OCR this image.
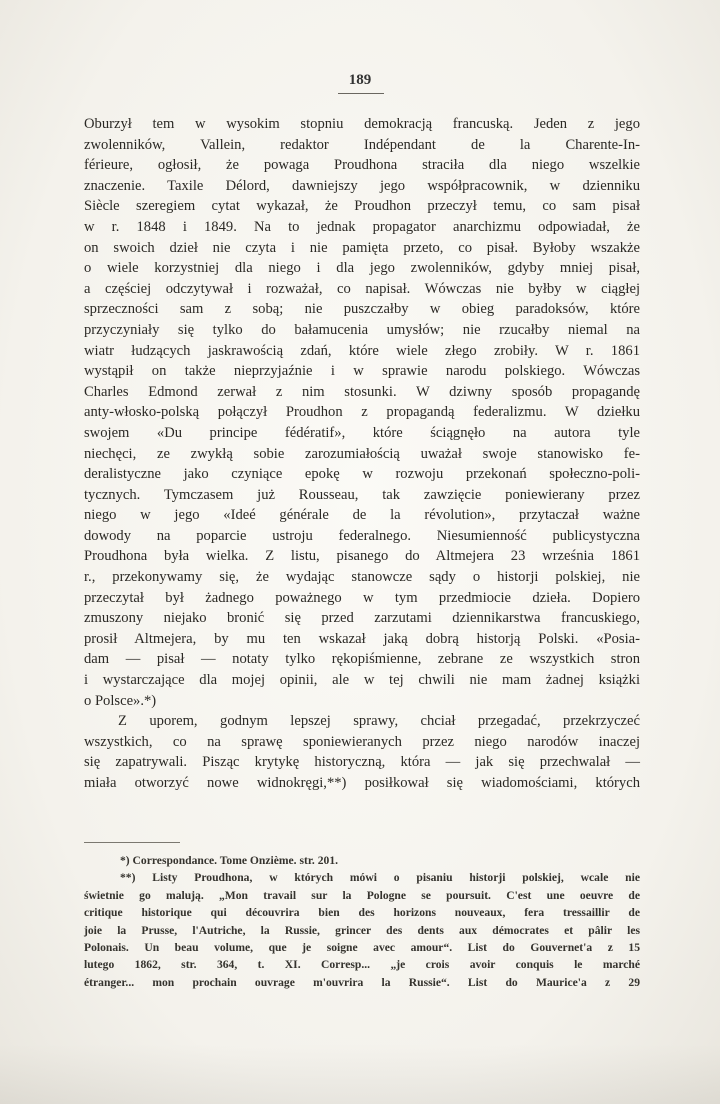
189
Oburzył tem w wysokim stopniu demokracją francuską. Jeden z jego
zwolenników, Vallein, redaktor Indépendant de la Charente-In-
férieure, ogłosił, że powaga Proudhona straciła dla niego wszelkie
znaczenie. Taxile Délord, dawniejszy jego współpracownik, w dzienniku
Siècle szeregiem cytat wykazał, że Proudhon przeczył temu, co sam pisał
w r. 1848 i 1849. Na to jednak propagator anarchizmu odpowiadał, że
on swoich dzieł nie czyta i nie pamięta przeto, co pisał. Byłoby wszakże
o wiele korzystniej dla niego i dla jego zwolenników, gdyby mniej pisał,
a częściej odczytywał i rozważał, co napisał. Wówczas nie byłby w ciągłej
sprzeczności sam z sobą; nie puszczałby w obieg paradoksów, które
przyczyniały się tylko do bałamucenia umysłów; nie rzucałby niemal na
wiatr łudzących jaskrawością zdań, które wiele złego zrobiły. W r. 1861
wystąpił on także nieprzyjaźnie i w sprawie narodu polskiego. Wówczas
Charles Edmond zerwał z nim stosunki. W dziwny sposób propagandę
anty-włosko-polską połączył Proudhon z propagandą federalizmu. W dziełku
swojem «Du principe fédératif», które ściągnęło na autora tyle
niechęci, ze zwykłą sobie zarozumiałością uważał swoje stanowisko fe-
deralistyczne jako czyniące epokę w rozwoju przekonań społeczno-poli-
tycznych. Tymczasem już Rousseau, tak zawzięcie poniewierany przez
niego w jego «Ideé générale de la révolution», przytaczał ważne
dowody na poparcie ustroju federalnego. Niesumienność publicystyczna
Proudhona była wielka. Z listu, pisanego do Altmejera 23 września 1861
r., przekonywamy się, że wydając stanowcze sądy o historji polskiej, nie
przeczytał był żadnego poważnego w tym przedmiocie dzieła. Dopiero
zmuszony niejako bronić się przed zarzutami dziennikarstwa francuskiego,
prosił Altmejera, by mu ten wskazał jaką dobrą historją Polski. «Posia-
dam — pisał — notaty tylko rękopiśmienne, zebrane ze wszystkich stron
i wystarczające dla mojej opinii, ale w tej chwili nie mam żadnej książki
o Polsce».*)
Z uporem, godnym lepszej sprawy, chciał przegadać, przekrzyczeć
wszystkich, co na sprawę sponiewieranych przez niego narodów inaczej
się zapatrywali. Pisząc krytykę historyczną, która — jak się przechwalał —
miała otworzyć nowe widnokręgi,**) posiłkował się wiadomościami, których
*) Correspondance. Tome Onzième. str. 201.
**) Listy Proudhona, w których mówi o pisaniu historji polskiej, wcale nie
świetnie go malują. „Mon travail sur la Pologne se poursuit. C'est une oeuvre de
critique historique qui découvrira bien des horizons nouveaux, fera tressaillir de
joie la Prusse, l'Autriche, la Russie, grincer des dents aux démocrates et pâlir les
Polonais. Un beau volume, que je soigne avec amour“. List do Gouvernet'a z 15
lutego 1862, str. 364, t. XI. Corresp... „je crois avoir conquis le marché
étranger... mon prochain ouvrage m'ouvrira la Russie“. List do Maurice'a z 29
